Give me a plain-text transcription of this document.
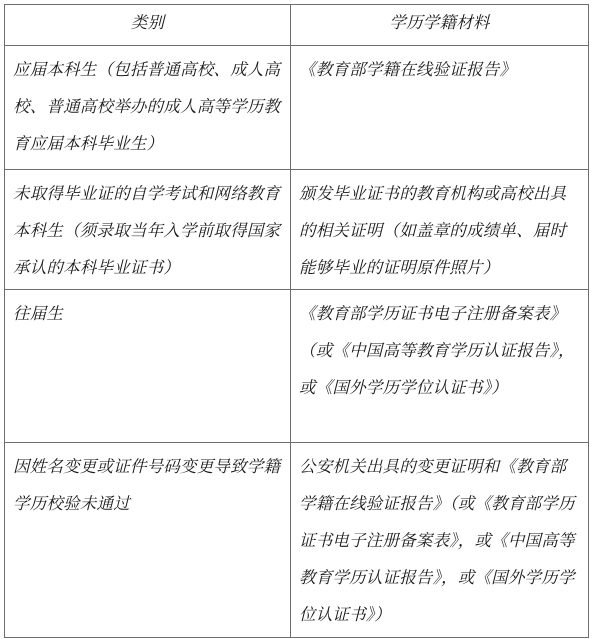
类别	学历学籍材料
应届本科生（包括普通高校、成人高校、普通高校举办的成人高等学历教育应届本科毕业生）	《教育部学籍在线验证报告》
未取得毕业证的自学考试和网络教育本科生（须录取当年入学前取得国家承认的本科毕业证书）	颁发毕业证书的教育机构或高校出具的相关证明（如盖章的成绩单、届时能够毕业的证明原件照片）
往届生	《教育部学历证书电子注册备案表》（或《中国高等教育学历认证报告》，或《国外学历学位认证书》）
因姓名变更或证件号码变更导致学籍学历校验未通过	公安机关出具的变更证明和《教育部学籍在线验证报告》（或《教育部学历证书电子注册备案表》，或《中国高等教育学历认证报告》，或《国外学历学位认证书》）
